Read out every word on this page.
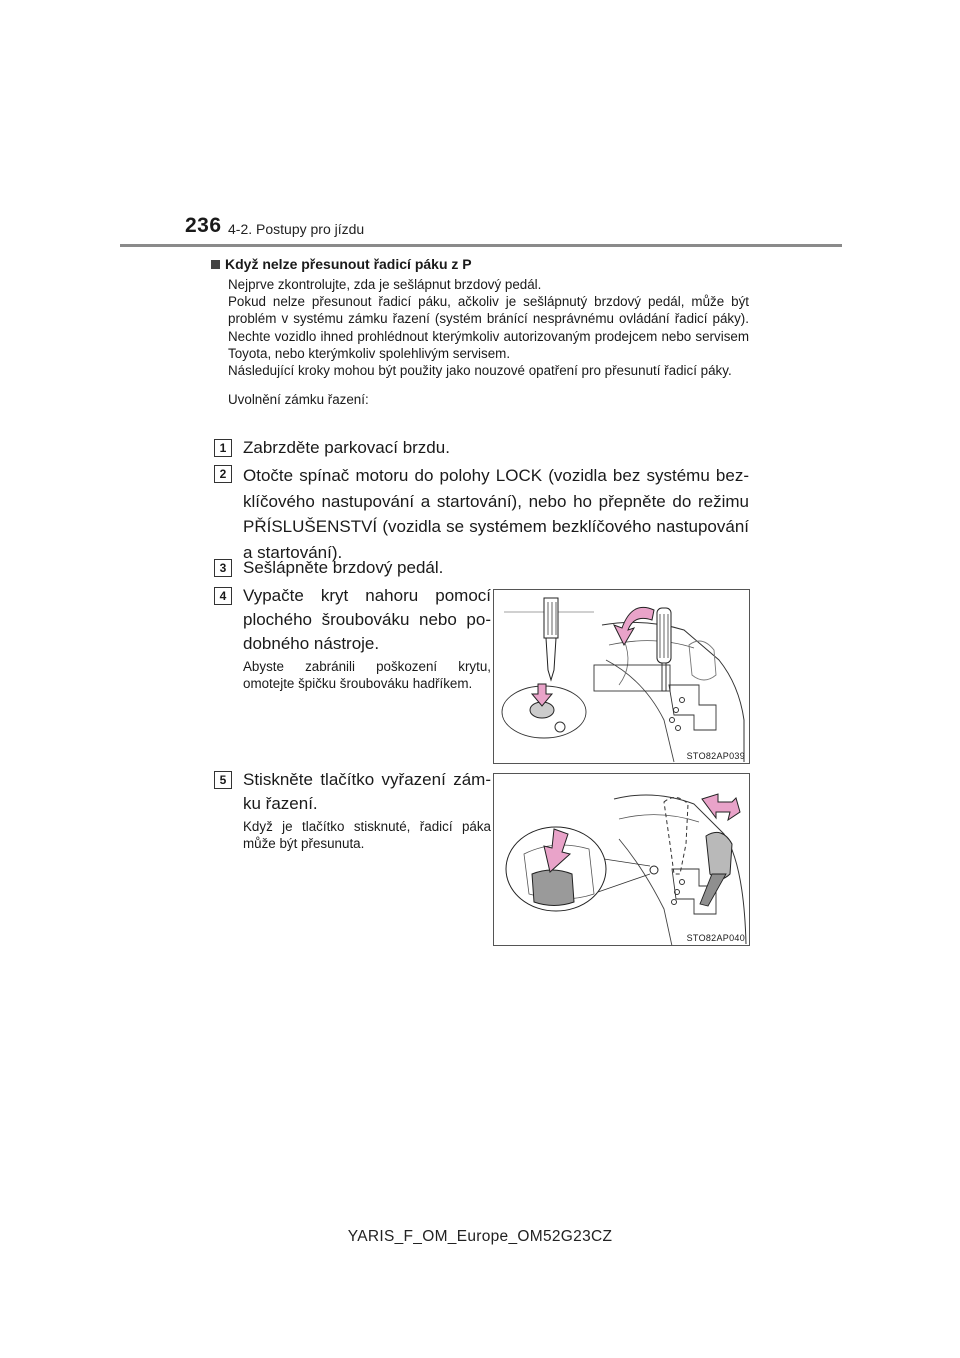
236 4-2. Postupy pro jízdu
Když nelze přesunout řadicí páku z P

Nejprve zkontrolujte, zda je sešlápnut brzdový pedál.

Pokud nelze přesunout řadicí páku, ačkoliv je sešlápnutý brzdový pedál, může být problém v systému zámku řazení (systém bránící nesprávnému ovládání řadicí páky). Nechte vozidlo ihned prohlédnout kterýmkoliv autorizovaným prodejcem nebo servisem Toyota, nebo kterýmkoliv spolehlivým servisem.

Následující kroky mohou být použity jako nouzové opatření pro přesunutí řadicí páky.

Uvolnění zámku řazení:

1 Zabrzděte parkovací brzdu.
2 Otočte spínač motoru do polohy LOCK (vozidla bez systému bezklíčového nastupování a startování), nebo ho přepněte do režimu PŘÍSLUŠENSTVÍ (vozidla se systémem bezklíčového nastupování a startování).
3 Sešlápněte brzdový pedál.
4 Vypačte kryt nahoru pomocí plochého šroubováku nebo podobného nástroje.
Abyste zabránili poškození krytu, omotejte špičku šroubováku hadříkem.
STO82AP039
5 Stiskněte tlačítko vyřazení zámku řazení.
Když je tlačítko stisknuté, řadicí páka může být přesunuta.
STO82AP040
YARIS_F_OM_Europe_OM52G23CZ
